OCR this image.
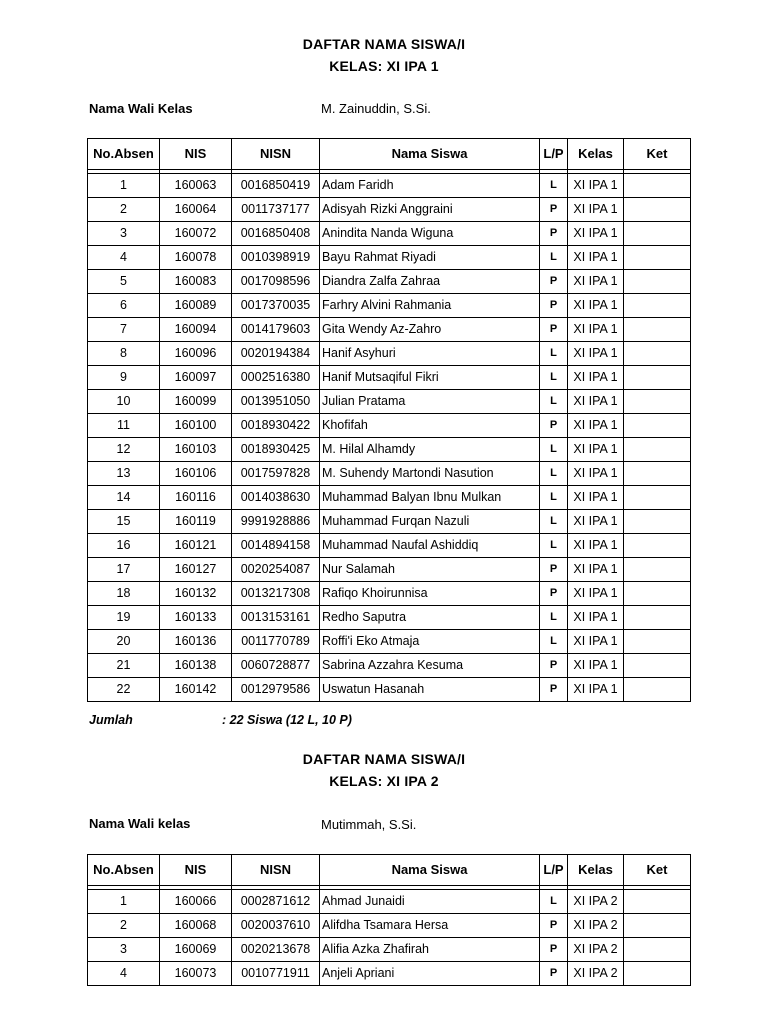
DAFTAR NAMA SISWA/I
KELAS: XI IPA 1
Nama Wali Kelas	M. Zainuddin, S.Si.
No.Absen	NIS	NISN	Nama Siswa	L/P	Kelas	Ket

1	160063	0016850419	Adam Faridh	L	XI IPA 1	
2	160064	0011737177	Adisyah Rizki Anggraini	P	XI IPA 1	
3	160072	0016850408	Anindita Nanda Wiguna	P	XI IPA 1	
4	160078	0010398919	Bayu Rahmat Riyadi	L	XI IPA 1	
5	160083	0017098596	Diandra Zalfa Zahraa	P	XI IPA 1	
6	160089	0017370035	Farhry Alvini Rahmania	P	XI IPA 1	
7	160094	0014179603	Gita Wendy Az-Zahro	P	XI IPA 1	
8	160096	0020194384	Hanif Asyhuri	L	XI IPA 1	
9	160097	0002516380	Hanif Mutsaqiful Fikri	L	XI IPA 1	
10	160099	0013951050	Julian Pratama	L	XI IPA 1	
11	160100	0018930422	Khofifah	P	XI IPA 1	
12	160103	0018930425	M. Hilal Alhamdy	L	XI IPA 1	
13	160106	0017597828	M. Suhendy Martondi Nasution	L	XI IPA 1	
14	160116	0014038630	Muhammad Balyan Ibnu Mulkan	L	XI IPA 1	
15	160119	9991928886	Muhammad Furqan Nazuli	L	XI IPA 1	
16	160121	0014894158	Muhammad Naufal Ashiddiq	L	XI IPA 1	
17	160127	0020254087	Nur Salamah	P	XI IPA 1	
18	160132	0013217308	Rafiqo Khoirunnisa	P	XI IPA 1	
19	160133	0013153161	Redho Saputra	L	XI IPA 1	
20	160136	0011770789	Roffi'i Eko Atmaja	L	XI IPA 1	
21	160138	0060728877	Sabrina Azzahra Kesuma	P	XI IPA 1	
22	160142	0012979586	Uswatun Hasanah	P	XI IPA 1	
Jumlah	: 22 Siswa (12 L, 10 P)
DAFTAR NAMA SISWA/I
KELAS: XI IPA 2
Nama Wali kelas	Mutimmah, S.Si.
No.Absen	NIS	NISN	Nama Siswa	L/P	Kelas	Ket

1	160066	0002871612	Ahmad Junaidi	L	XI IPA 2	
2	160068	0020037610	Alifdha Tsamara Hersa	P	XI IPA 2	
3	160069	0020213678	Alifia Azka Zhafirah	P	XI IPA 2	
4	160073	0010771911	Anjeli Apriani	P	XI IPA 2	
